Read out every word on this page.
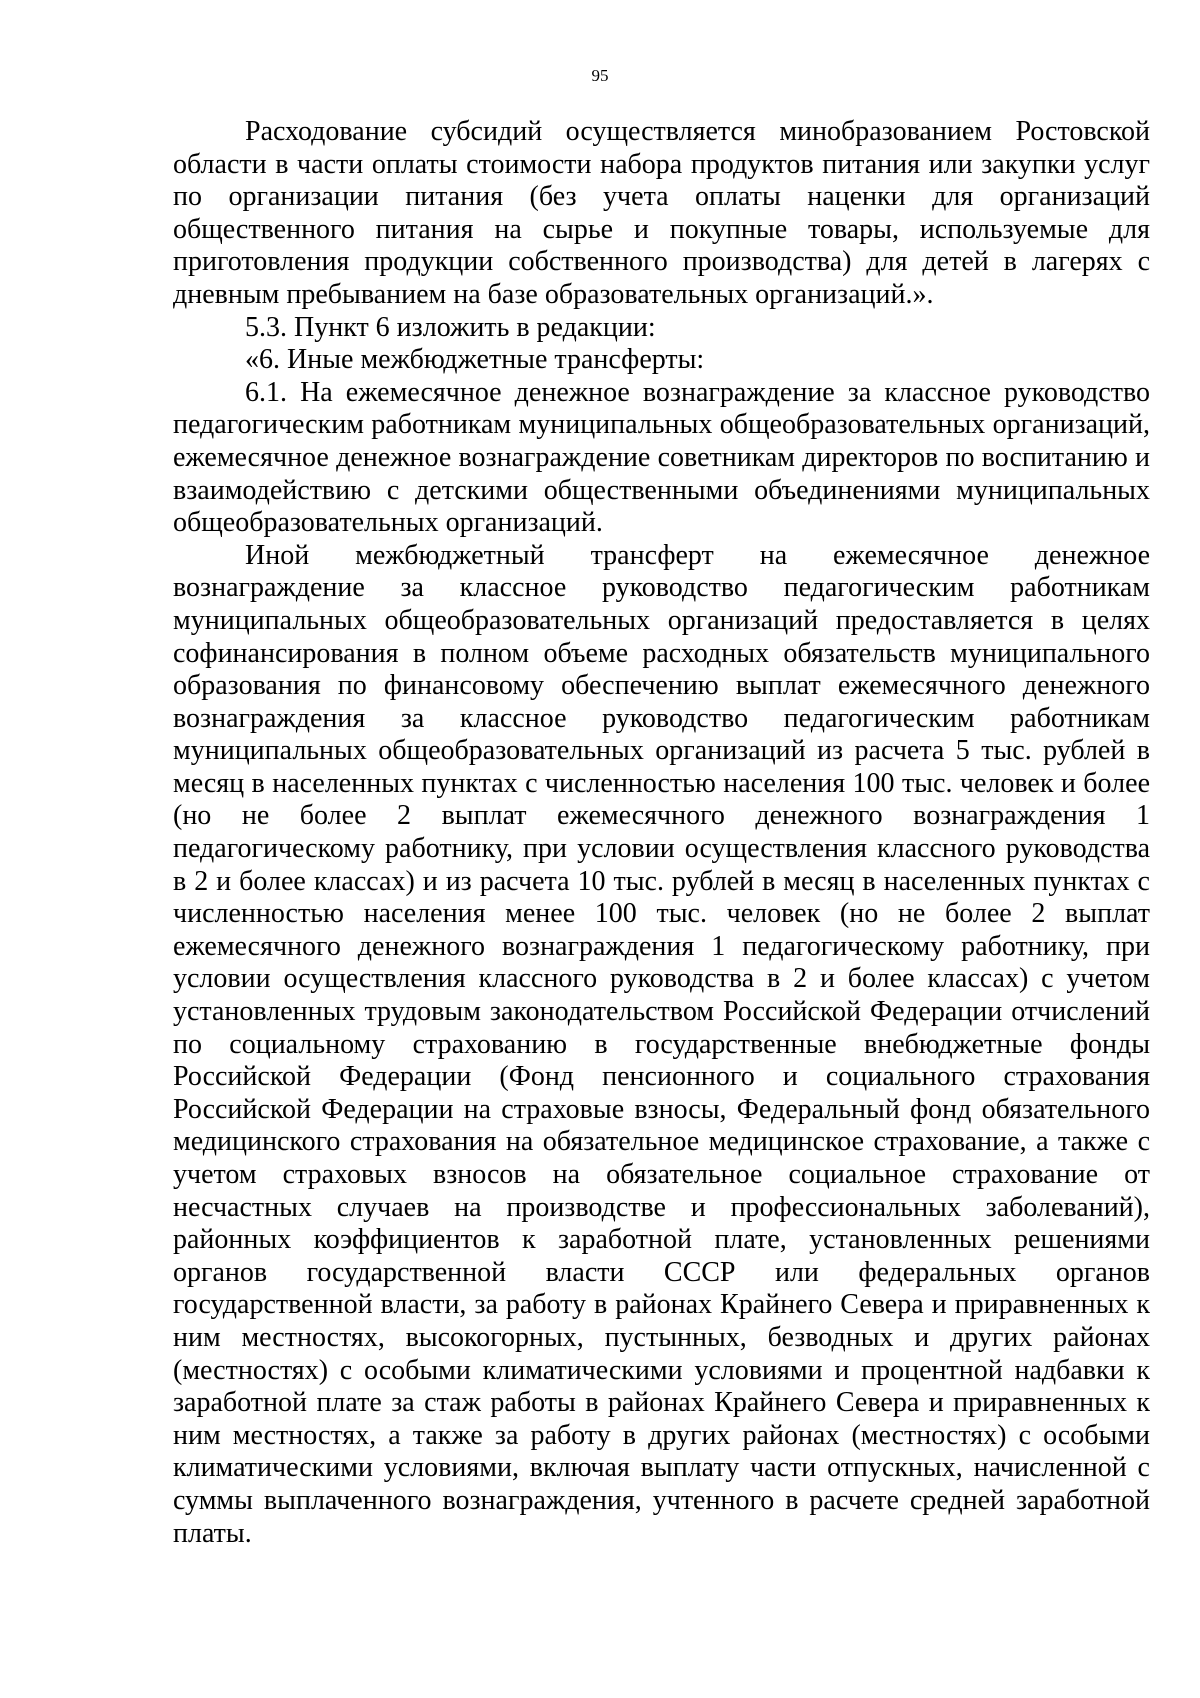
95

Расходование субсидий осуществляется минобразованием Ростовской области в части оплаты стоимости набора продуктов питания или закупки услуг по организации питания (без учета оплаты наценки для организаций общественного питания на сырье и покупные товары, используемые для приготовления продукции собственного производства) для детей в лагерях с дневным пребыванием на базе образовательных организаций.».

5.3. Пункт 6 изложить в редакции:

«6. Иные межбюджетные трансферты:

6.1. На ежемесячное денежное вознаграждение за классное руководство педагогическим работникам муниципальных общеобразовательных организаций, ежемесячное денежное вознаграждение советникам директоров по воспитанию и взаимодействию с детскими общественными объединениями муниципальных общеобразовательных организаций.

Иной межбюджетный трансферт на ежемесячное денежное вознаграждение за классное руководство педагогическим работникам муниципальных общеобразовательных организаций предоставляется в целях софинансирования в полном объеме расходных обязательств муниципального образования по финансовому обеспечению выплат ежемесячного денежного вознаграждения за классное руководство педагогическим работникам муниципальных общеобразовательных организаций из расчета 5 тыс. рублей в месяц в населенных пунктах с численностью населения 100 тыс. человек и более (но не более 2 выплат ежемесячного денежного вознаграждения 1 педагогическому работнику, при условии осуществления классного руководства в 2 и более классах) и из расчета 10 тыс. рублей в месяц в населенных пунктах с численностью населения менее 100 тыс. человек (но не более 2 выплат ежемесячного денежного вознаграждения 1 педагогическому работнику, при условии осуществления классного руководства в 2 и более классах) с учетом установленных трудовым законодательством Российской Федерации отчислений по социальному страхованию в государственные внебюджетные фонды Российской Федерации (Фонд пенсионного и социального страхования Российской Федерации на страховые взносы, Федеральный фонд обязательного медицинского страхования на обязательное медицинское страхование, а также с учетом страховых взносов на обязательное социальное страхование от несчастных случаев на производстве и профессиональных заболеваний), районных коэффициентов к заработной плате, установленных решениями органов государственной власти СССР или федеральных органов государственной власти, за работу в районах Крайнего Севера и приравненных к ним местностях, высокогорных, пустынных, безводных и других районах (местностях) с особыми климатическими условиями и процентной надбавки к заработной плате за стаж работы в районах Крайнего Севера и приравненных к ним местностях, а также за работу в других районах (местностях) с особыми климатическими условиями, включая выплату части отпускных, начисленной с суммы выплаченного вознаграждения, учтенного в расчете средней заработной платы.
